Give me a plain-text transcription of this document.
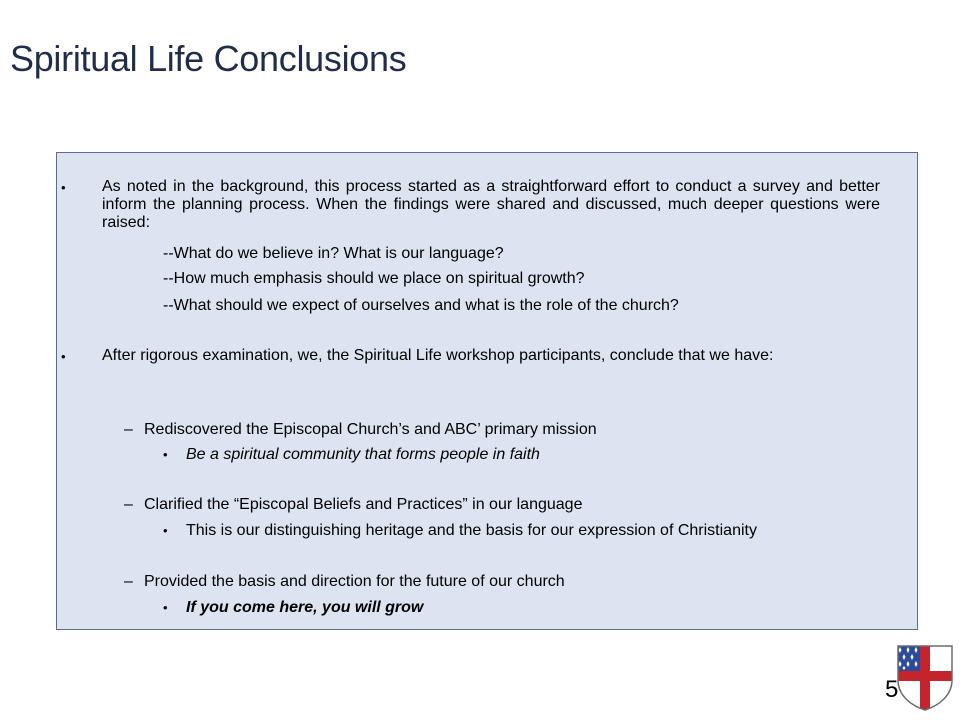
Spiritual Life Conclusions
• As noted in the background, this process started as a straightforward effort to conduct a survey and better inform the planning process. When the findings were shared and discussed, much deeper questions were raised:
--What do we believe in? What is our language?
--How much emphasis should we place on spiritual growth?
--What should we expect of ourselves and what is the role of the church?
• After rigorous examination, we, the Spiritual Life workshop participants, conclude that we have:
– Rediscovered the Episcopal Church’s and ABC’ primary mission
• Be a spiritual community that forms people in faith
– Clarified the “Episcopal Beliefs and Practices” in our language
• This is our distinguishing heritage and the basis for our expression of Christianity
– Provided the basis and direction for the future of our church
• If you come here, you will grow
5
